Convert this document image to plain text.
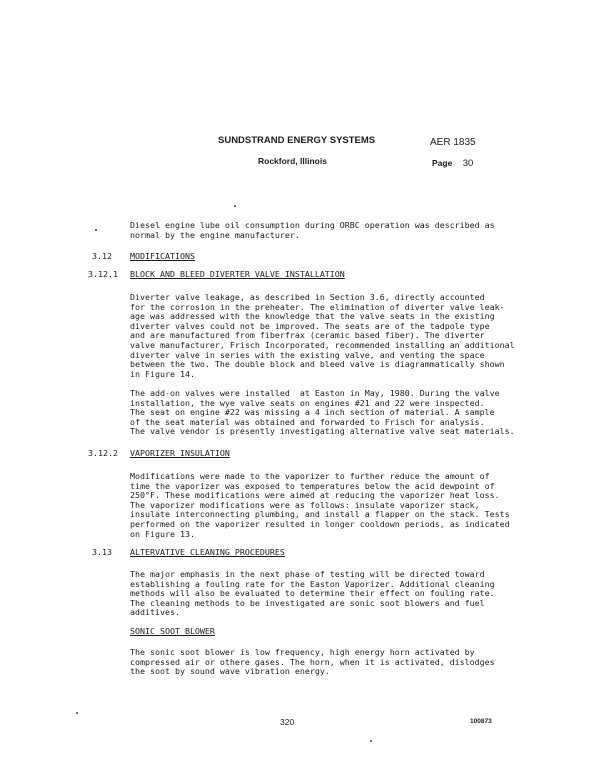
SUNDSTRAND ENERGY SYSTEMS
Rockford, Illinois
AER 1835
Page 30

Diesel engine lube oil consumption during ORBC operation was described as
normal by the engine manufacturer.

3.12 MODIFICATIONS
3.12.1 BLOCK AND BLEED DIVERTER VALVE INSTALLATION

Diverter valve leakage, as described in Section 3.6, directly accounted
for the corrosion in the preheater. The elimination of diverter valve leak-
age was addressed with the knowledge that the valve seats in the existing
diverter valves could not be improved. The seats are of the tadpole type
and are manufactured from fiberfrax (ceramic based fiber). The diverter
valve manufacturer, Frisch Incorporated, recommended installing an additional
diverter valve in series with the existing valve, and venting the space
between the two. The double block and bleed valve is diagrammatically shown
in Figure 14.

The add-on valves were installed  at Easton in May, 1980. During the valve
installation, the wye valve seats on engines #21 and 22 were inspected.
The seat on engine #22 was missing a 4 inch section of material. A sample
of the seat material was obtained and forwarded to Frisch for analysis.
The valve vendor is presently investigating alternative valve seat materials.

3.12.2 VAPORIZER INSULATION

Modifications were made to the vaporizer to further reduce the amount of
time the vaporizer was exposed to temperatures below the acid dewpoint of
250°F. These modifications were aimed at reducing the vaporizer heat loss.
The vaporizer modifications were as follows: insulate vaporizer stack,
insulate interconnecting plumbing, and install a flapper on the stack. Tests
performed on the vaporizer resulted in longer cooldown periods, as indicated
on Figure 13.

3.13 ALTERVATIVE CLEANING PROCEDURES

The major emphasis in the next phase of testing will be directed toward
establishing a fouling rate for the Easton Vaporizer. Additional cleaning
methods will also be evaluated to determine their effect on fouling rate.
The cleaning methods to be investigated are sonic soot blowers and fuel
additives.

SONIC SOOT BLOWER

The sonic soot blower is low frequency, high energy horn activated by
compressed air or othere gases. The horn, when it is activated, dislodges
the soot by sound wave vibration energy.

320	100873
